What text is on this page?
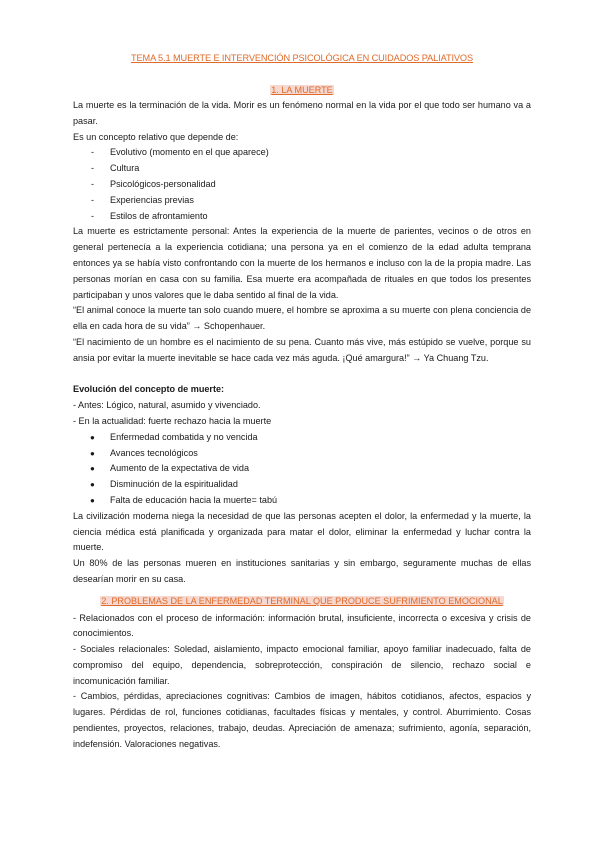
TEMA 5.1 MUERTE E INTERVENCIÓN PSICOLÓGICA EN CUIDADOS PALIATIVOS
1. LA MUERTE

La muerte es la terminación de la vida. Morir es un fenómeno normal en la vida por el que todo ser humano va a pasar.

Es un concepto relativo que depende de:

- Evolutivo (momento en el que aparece)
- Cultura
- Psicológicos-personalidad
- Experiencias previas
- Estilos de afrontamiento

La muerte es estrictamente personal: Antes la experiencia de la muerte de parientes, vecinos o de otros en general pertenecía a la experiencia cotidiana; una persona ya en el comienzo de la edad adulta temprana entonces ya se había visto confrontando con la muerte de los hermanos e incluso con la de la propia madre. Las personas morían en casa con su familia. Esa muerte era acompañada de rituales en que todos los presentes participaban y unos valores que le daba sentido al final de la vida.

“El animal conoce la muerte tan solo cuando muere, el hombre se aproxima a su muerte con plena conciencia de ella en cada hora de su vida” → Schopenhauer.

“El nacimiento de un hombre es el nacimiento de su pena. Cuanto más vive, más estúpido se vuelve, porque su ansia por evitar la muerte inevitable se hace cada vez más aguda. ¡Qué amargura!” → Ya Chuang Tzu.

Evolución del concepto de muerte:

- Antes: Lógico, natural, asumido y vivenciado.

- En la actualidad: fuerte rechazo hacia la muerte

● Enfermedad combatida y no vencida
● Avances tecnológicos
● Aumento de la expectativa de vida
● Disminución de la espiritualidad
● Falta de educación hacia la muerte= tabú

La civilización moderna niega la necesidad de que las personas acepten el dolor, la enfermedad y la muerte, la ciencia médica está planificada y organizada para matar el dolor, eliminar la enfermedad y luchar contra la muerte.

Un 80% de las personas mueren en instituciones sanitarias y sin embargo, seguramente muchas de ellas desearían morir en su casa.

2. PROBLEMAS DE LA ENFERMEDAD TERMINAL QUE PRODUCE SUFRIMIENTO EMOCIONAL

- Relacionados con el proceso de información: información brutal, insuficiente, incorrecta o excesiva y crisis de conocimientos.

- Sociales relacionales: Soledad, aislamiento, impacto emocional familiar, apoyo familiar inadecuado, falta de compromiso del equipo, dependencia, sobreprotección, conspiración de silencio, rechazo social e incomunicación familiar.

- Cambios, pérdidas, apreciaciones cognitivas: Cambios de imagen, hábitos cotidianos, afectos, espacios y lugares. Pérdidas de rol, funciones cotidianas, facultades físicas y mentales, y control. Aburrimiento. Cosas pendientes, proyectos, relaciones, trabajo, deudas. Apreciación de amenaza; sufrimiento, agonía, separación, indefensión. Valoraciones negativas.
